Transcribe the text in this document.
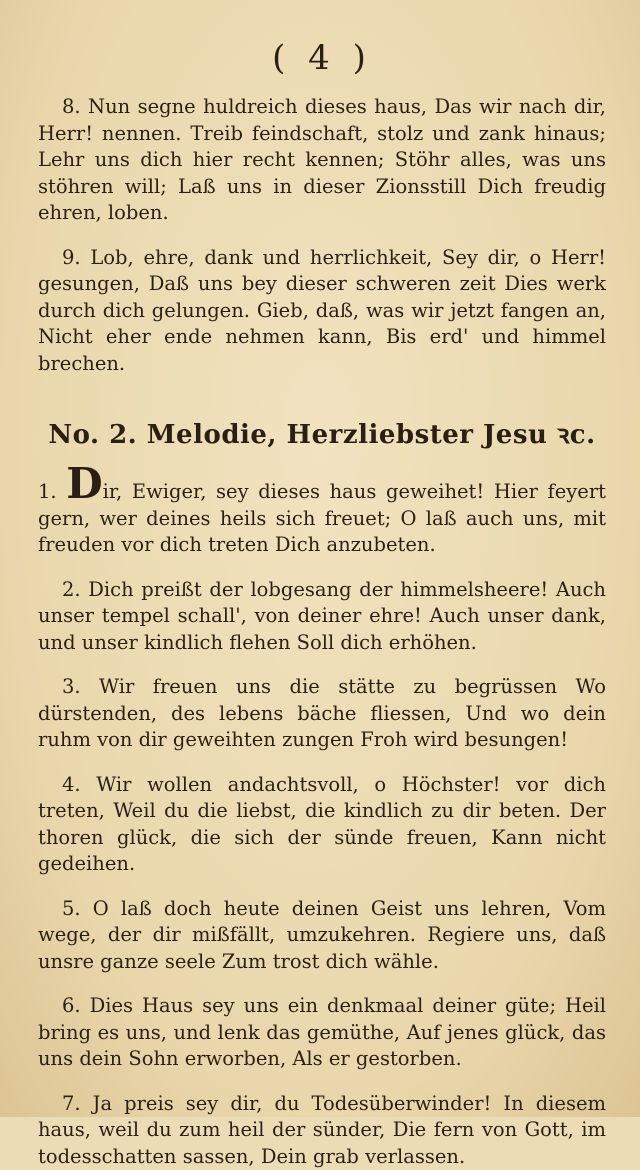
( 4 )

8. Nun segne huldreich dieses haus, Das wir nach dir, Herr! nennen. Treib feindschaft, stolz und zank hinaus; Lehr uns dich hier recht kennen; Stöhr alles, was uns stöhren will; Laß uns in dieser Zionsstill Dich freudig ehren, loben.

9. Lob, ehre, dank und herrlichkeit, Sey dir, o Herr! gesungen, Daß uns bey dieser schweren zeit Dies werk durch dich gelungen. Gieb, daß, was wir jetzt fangen an, Nicht eher ende nehmen kann, Bis erd' und himmel brechen.

No. 2. Melodie, Herzliebster Jesu ꝛc.

1. Dir, Ewiger, sey dieses haus geweihet! Hier feyert gern, wer deines heils sich freuet; O laß auch uns, mit freuden vor dich treten Dich anzubeten.

2. Dich preißt der lobgesang der himmelsheere! Auch unser tempel schall', von deiner ehre! Auch unser dank, und unser kindlich flehen Soll dich erhöhen.

3. Wir freuen uns die stätte zu begrüssen Wo dürstenden, des lebens bäche fliessen, Und wo dein ruhm von dir geweihten zungen Froh wird besungen!

4. Wir wollen andachtsvoll, o Höchster! vor dich treten, Weil du die liebst, die kindlich zu dir beten. Der thoren glück, die sich der sünde freuen, Kann nicht gedeihen.

5. O laß doch heute deinen Geist uns lehren, Vom wege, der dir mißfällt, umzukehren. Regiere uns, daß unsre ganze seele Zum trost dich wähle.

6. Dies Haus sey uns ein denkmaal deiner güte; Heil bring es uns, und lenk das gemüthe, Auf jenes glück, das uns dein Sohn erworben, Als er gestorben.

7. Ja preis sey dir, du Todesüberwinder! In diesem haus, weil du zum heil der sünder, Die fern von Gott, im todesschatten sassen, Dein grab verlassen.
